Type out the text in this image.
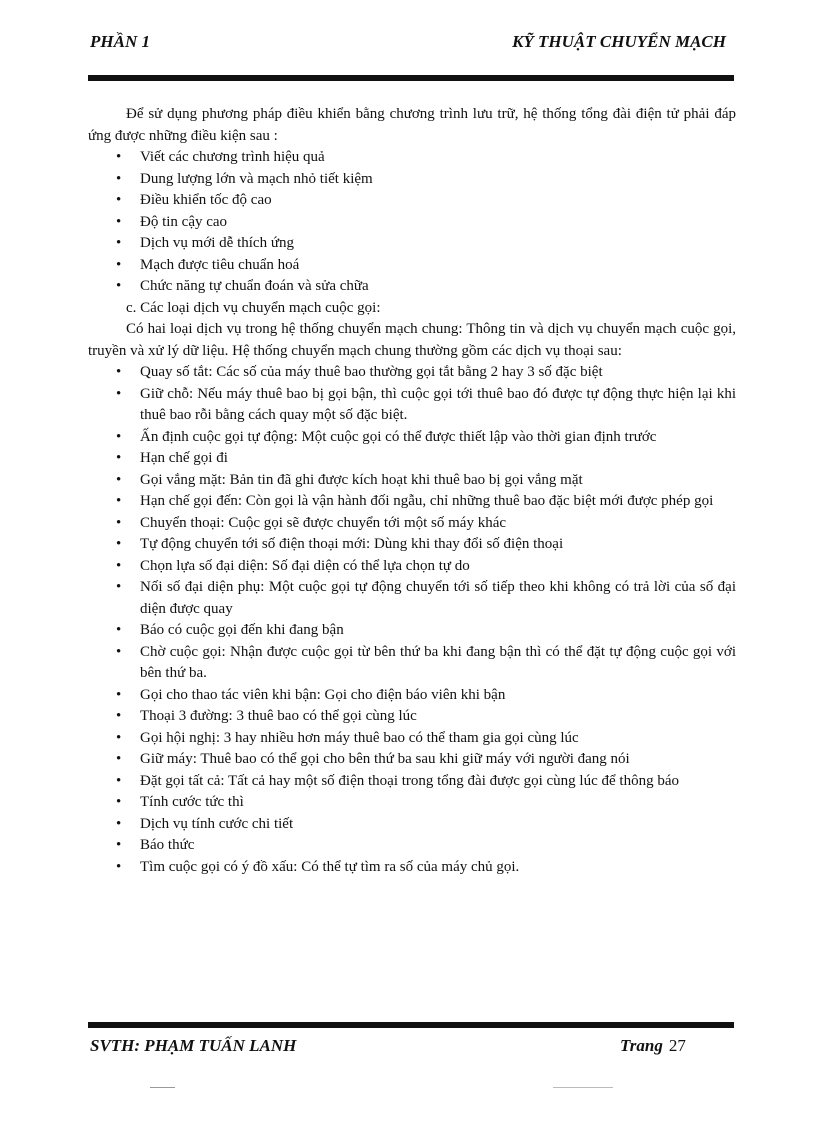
PHẦN 1	KỸ THUẬT CHUYỂN MẠCH

Để sử dụng phương pháp điều khiển bằng chương trình lưu trữ, hệ thống tổng đài điện tử phải đáp ứng được những điều kiện sau :

• Viết các chương trình hiệu quả
• Dung lượng lớn và mạch nhỏ tiết kiệm
• Điều khiển tốc độ cao
• Độ tin cậy cao
• Dịch vụ mới dễ thích ứng
• Mạch được tiêu chuẩn hoá
• Chức năng tự chuẩn đoán và sửa chữa

c. Các loại dịch vụ chuyển mạch cuộc gọi:

Có hai loại dịch vụ trong hệ thống chuyển mạch chung: Thông tin và dịch vụ chuyển mạch cuộc gọi, truyền và xử lý dữ liệu. Hệ thống chuyển mạch chung thường gồm các dịch vụ thoại sau:

• Quay số tắt: Các số của máy thuê bao thường gọi tắt bằng 2 hay 3 số đặc biệt
• Giữ chỗ: Nếu máy thuê bao bị gọi bận, thì cuộc gọi tới thuê bao đó được tự động thực hiện lại khi thuê bao rỗi bằng cách quay một số đặc biệt.
• Ấn định cuộc gọi tự động: Một cuộc gọi có thể được thiết lập vào thời gian định trước
• Hạn chế gọi đi
• Gọi vắng mặt: Bản tin đã ghi được kích hoạt khi thuê bao bị gọi vắng mặt
• Hạn chế gọi đến: Còn gọi là vận hành đối ngẫu, chỉ những thuê bao đặc biệt mới được phép gọi
• Chuyển thoại: Cuộc gọi sẽ được chuyển tới một số máy khác
• Tự động chuyển tới số điện thoại mới: Dùng khi thay đổi số điện thoại
• Chọn lựa số đại diện: Số đại diện có thể lựa chọn tự do
• Nối số đại diện phụ: Một cuộc gọi tự động chuyển tới số tiếp theo khi không có trả lời của số đại diện được quay
• Báo có cuộc gọi đến khi đang bận
• Chờ cuộc gọi: Nhận được cuộc gọi từ bên thứ ba khi đang bận thì có thể đặt tự động cuộc gọi với bên thứ ba.
• Gọi cho thao tác viên khi bận: Gọi cho điện báo viên khi bận
• Thoại 3 đường: 3 thuê bao có thể gọi cùng lúc
• Gọi hội nghị: 3 hay nhiều hơn máy thuê bao có thể tham gia gọi cùng lúc
• Giữ máy: Thuê bao có thể gọi cho bên thứ ba sau khi giữ máy với người đang nói
• Đặt gọi tất cả: Tất cả hay một số điện thoại trong tổng đài được gọi cùng lúc để thông báo
• Tính cước tức thì
• Dịch vụ tính cước chi tiết
• Báo thức
• Tìm cuộc gọi có ý đồ xấu: Có thể tự tìm ra số của máy chủ gọi.
SVTH: PHẠM TUẤN LANH	Trang 27
